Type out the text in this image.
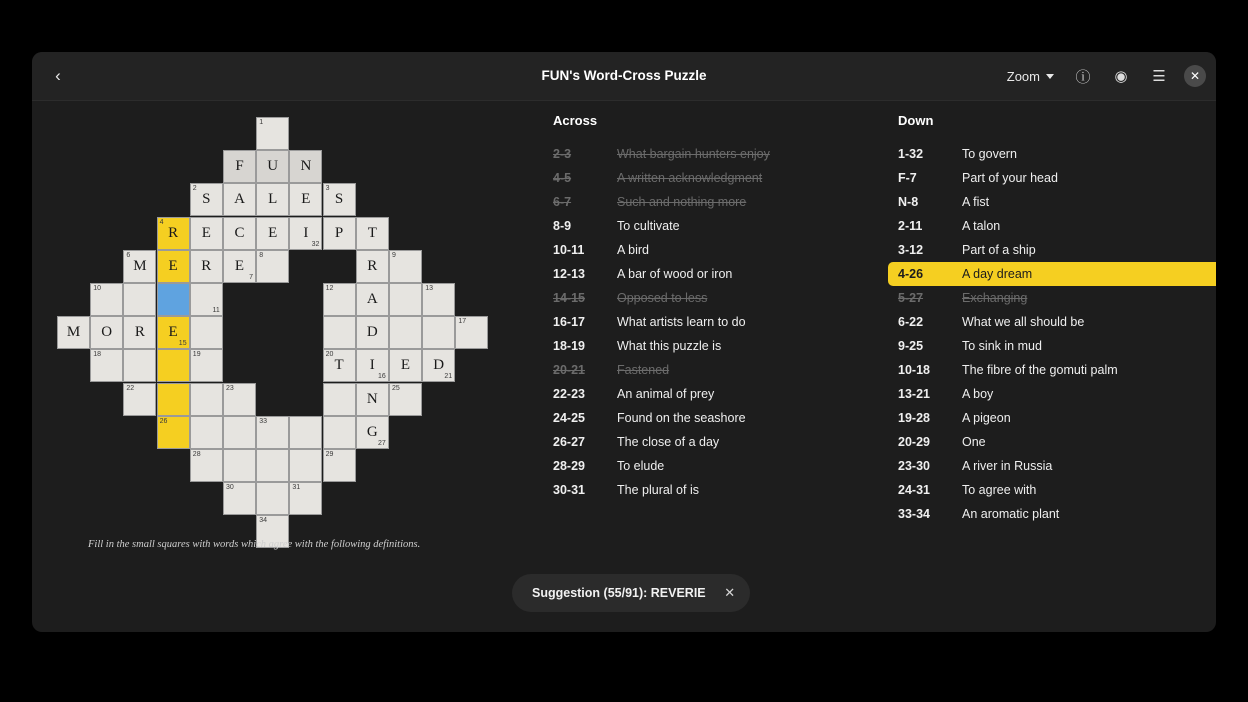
‹	FUN's Word-Cross Puzzle	Zoom	ⓘ	◉	☰	✕
1
F	U	N
2
S	A	L	E
3
S
4
R	E	C	E
32
I	P	T
6
M	E	R
7
E
8
R
9
10
11
12
A
13
M	O	R
15
E	D
17
18	19	20
T
16
I	E
21
D
22	23
N
25
26	33
27
G
28	29
30	31
34
Fill in the small squares with words which agree with the following definitions.
Across
2-3	What bargain hunters enjoy
4-5	A written acknowledgment
6-7	Such and nothing more
8-9	To cultivate
10-11	A bird
12-13	A bar of wood or iron
14-15	Opposed to less
16-17	What artists learn to do
18-19	What this puzzle is
20-21	Fastened
22-23	An animal of prey
24-25	Found on the seashore
26-27	The close of a day
28-29	To elude
30-31	The plural of is
Down
1-32	To govern
F-7	Part of your head
N-8	A fist
2-11	A talon
3-12	Part of a ship
4-26	A day dream
5-27	Exchanging
6-22	What we all should be
9-25	To sink in mud
10-18	The fibre of the gomuti palm
13-21	A boy
19-28	A pigeon
20-29	One
23-30	A river in Russia
24-31	To agree with
33-34	An aromatic plant
Suggestion (55/91): REVERIE	✕
